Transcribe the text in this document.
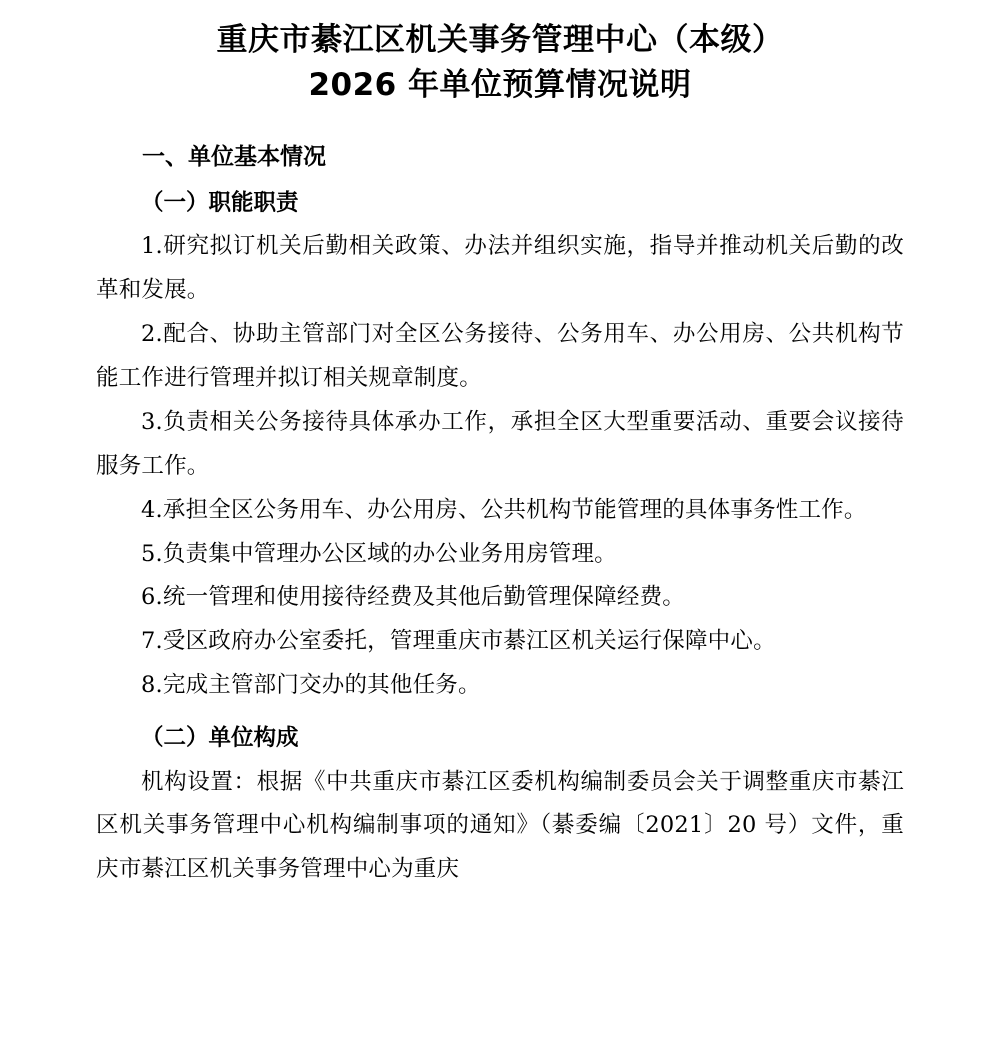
重庆市綦江区机关事务管理中心（本级）
2026 年单位预算情况说明
一、单位基本情况
（一）职能职责

1.研究拟订机关后勤相关政策、办法并组织实施，指导并推动机关后勤的改革和发展。

2.配合、协助主管部门对全区公务接待、公务用车、办公用房、公共机构节能工作进行管理并拟订相关规章制度。

3.负责相关公务接待具体承办工作，承担全区大型重要活动、重要会议接待服务工作。

4.承担全区公务用车、办公用房、公共机构节能管理的具体事务性工作。

5.负责集中管理办公区域的办公业务用房管理。

6.统一管理和使用接待经费及其他后勤管理保障经费。

7.受区政府办公室委托，管理重庆市綦江区机关运行保障中心。

8.完成主管部门交办的其他任务。

（二）单位构成

机构设置：根据《中共重庆市綦江区委机构编制委员会关于调整重庆市綦江区机关事务管理中心机构编制事项的通知》（綦委编〔2021〕20 号）文件，重庆市綦江区机关事务管理中心为重庆
